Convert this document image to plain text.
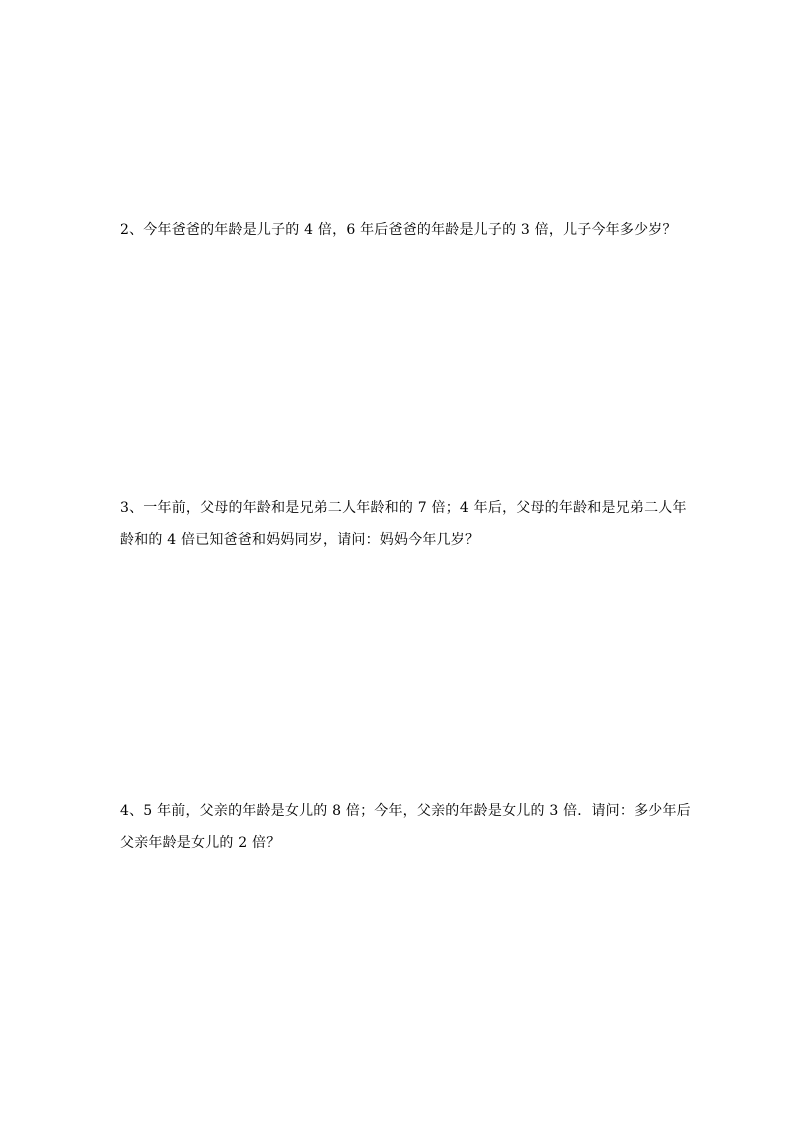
2、今年爸爸的年龄是儿子的 4 倍，6 年后爸爸的年龄是儿子的 3 倍，儿子今年多少岁？
3、一年前，父母的年龄和是兄弟二人年龄和的 7 倍；4 年后，父母的年龄和是兄弟二人年
龄和的 4 倍已知爸爸和妈妈同岁，请问：妈妈今年几岁？
4、5 年前，父亲的年龄是女儿的 8 倍；今年，父亲的年龄是女儿的 3 倍．请问：多少年后
父亲年龄是女儿的 2 倍？
